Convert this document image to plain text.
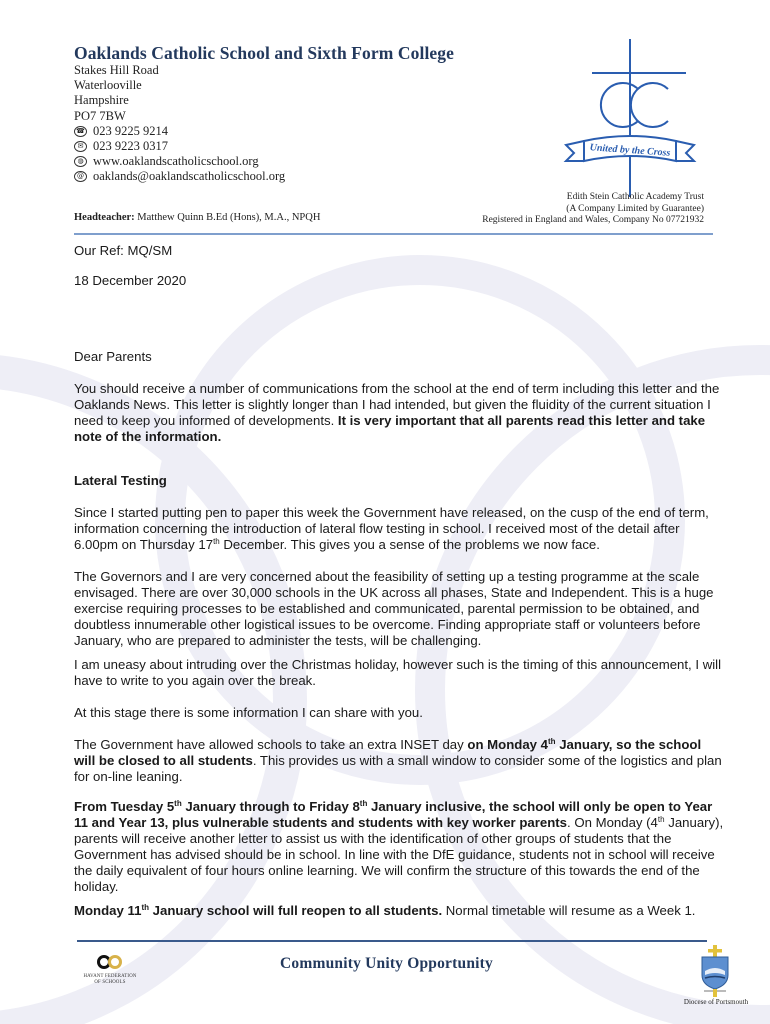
Oaklands Catholic School and Sixth Form College
Stakes Hill Road
Waterlooville
Hampshire
PO7 7BW
☎ 023 9225 9214
✉ 023 9223 0317
◍ www.oaklandscatholicschool.org
@ oaklands@oaklandscatholicschool.org
Headteacher: Matthew Quinn B.Ed (Hons), M.A., NPQH
United by the Cross
Edith Stein Catholic Academy Trust
(A Company Limited by Guarantee)
Registered in England and Wales, Company No 07721932

Our Ref: MQ/SM

18 December 2020

Dear Parents

You should receive a number of communications from the school at the end of term including this letter and the Oaklands News. This letter is slightly longer than I had intended, but given the fluidity of the current situation I need to keep you informed of developments. It is very important that all parents read this letter and take note of the information.

Lateral Testing

Since I started putting pen to paper this week the Government have released, on the cusp of the end of term, information concerning the introduction of lateral flow testing in school. I received most of the detail after 6.00pm on Thursday 17th December. This gives you a sense of the problems we now face.

The Governors and I are very concerned about the feasibility of setting up a testing programme at the scale envisaged. There are over 30,000 schools in the UK across all phases, State and Independent. This is a huge exercise requiring processes to be established and communicated, parental permission to be obtained, and doubtless innumerable other logistical issues to be overcome. Finding appropriate staff or volunteers before January, who are prepared to administer the tests, will be challenging.

I am uneasy about intruding over the Christmas holiday, however such is the timing of this announcement, I will have to write to you again over the break.

At this stage there is some information I can share with you.

The Government have allowed schools to take an extra INSET day on Monday 4th January, so the school will be closed to all students. This provides us with a small window to consider some of the logistics and plan for on-line leaning.

From Tuesday 5th January through to Friday 8th January inclusive, the school will only be open to Year 11 and Year 13, plus vulnerable students and students with key worker parents. On Monday (4th January), parents will receive another letter to assist us with the identification of other groups of students that the Government has advised should be in school. In line with the DfE guidance, students not in school will receive the daily equivalent of four hours online learning. We will confirm the structure of this towards the end of the holiday.

Monday 11th January school will full reopen to all students. Normal timetable will resume as a Week 1.

HAVANT FEDERATION
OF SCHOOLS
Community Unity Opportunity
Diocese of Portsmouth
